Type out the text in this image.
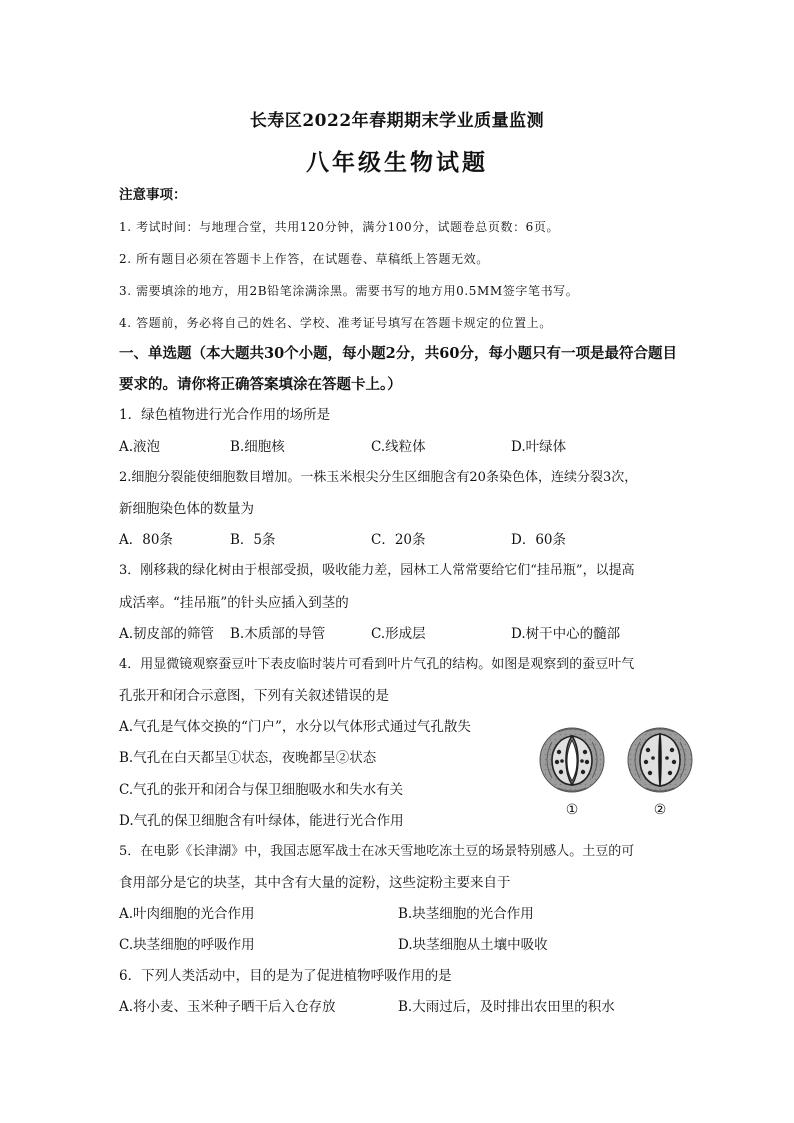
长寿区2022年春期期末学业质量监测
八年级生物试题
注意事项：
1. 考试时间：与地理合堂，共用120分钟，满分100分，试题卷总页数：6页。
2. 所有题目必须在答题卡上作答，在试题卷、草稿纸上答题无效。
3. 需要填涂的地方，用2B铅笔涂满涂黑。需要书写的地方用0.5MM签字笔书写。
4. 答题前，务必将自己的姓名、学校、准考证号填写在答题卡规定的位置上。
一、单选题（本大题共30个小题，每小题2分，共60分，每小题只有一项是最符合题目
要求的。请你将正确答案填涂在答题卡上。）
1．绿色植物进行光合作用的场所是
A.液泡	B.细胞核	C.线粒体	D.叶绿体
2.细胞分裂能使细胞数目增加。一株玉米根尖分生区细胞含有20条染色体，连续分裂3次，
新细胞染色体的数量为
A．80条	B．5条	C．20条	D．60条
3．刚移栽的绿化树由于根部受损，吸收能力差，园林工人常常要给它们“挂吊瓶”，以提高
成活率。“挂吊瓶”的针头应插入到茎的
A.韧皮部的筛管 B.木质部的导管	C.形成层	D.树干中心的髓部
4．用显微镜观察蚕豆叶下表皮临时装片可看到叶片气孔的结构。如图是观察到的蚕豆叶气
孔张开和闭合示意图，下列有关叙述错误的是
A.气孔是气体交换的“门户”，水分以气体形式通过气孔散失
B.气孔在白天都呈①状态，夜晚都呈②状态
C.气孔的张开和闭合与保卫细胞吸水和失水有关
D.气孔的保卫细胞含有叶绿体，能进行光合作用
①	②
5．在电影《长津湖》中，我国志愿军战士在冰天雪地吃冻土豆的场景特别感人。土豆的可
食用部分是它的块茎，其中含有大量的淀粉，这些淀粉主要来自于
A.叶肉细胞的光合作用	B.块茎细胞的光合作用
C.块茎细胞的呼吸作用	D.块茎细胞从土壤中吸收
6．下列人类活动中，目的是为了促进植物呼吸作用的是
A.将小麦、玉米种子晒干后入仓存放	B.大雨过后，及时排出农田里的积水
